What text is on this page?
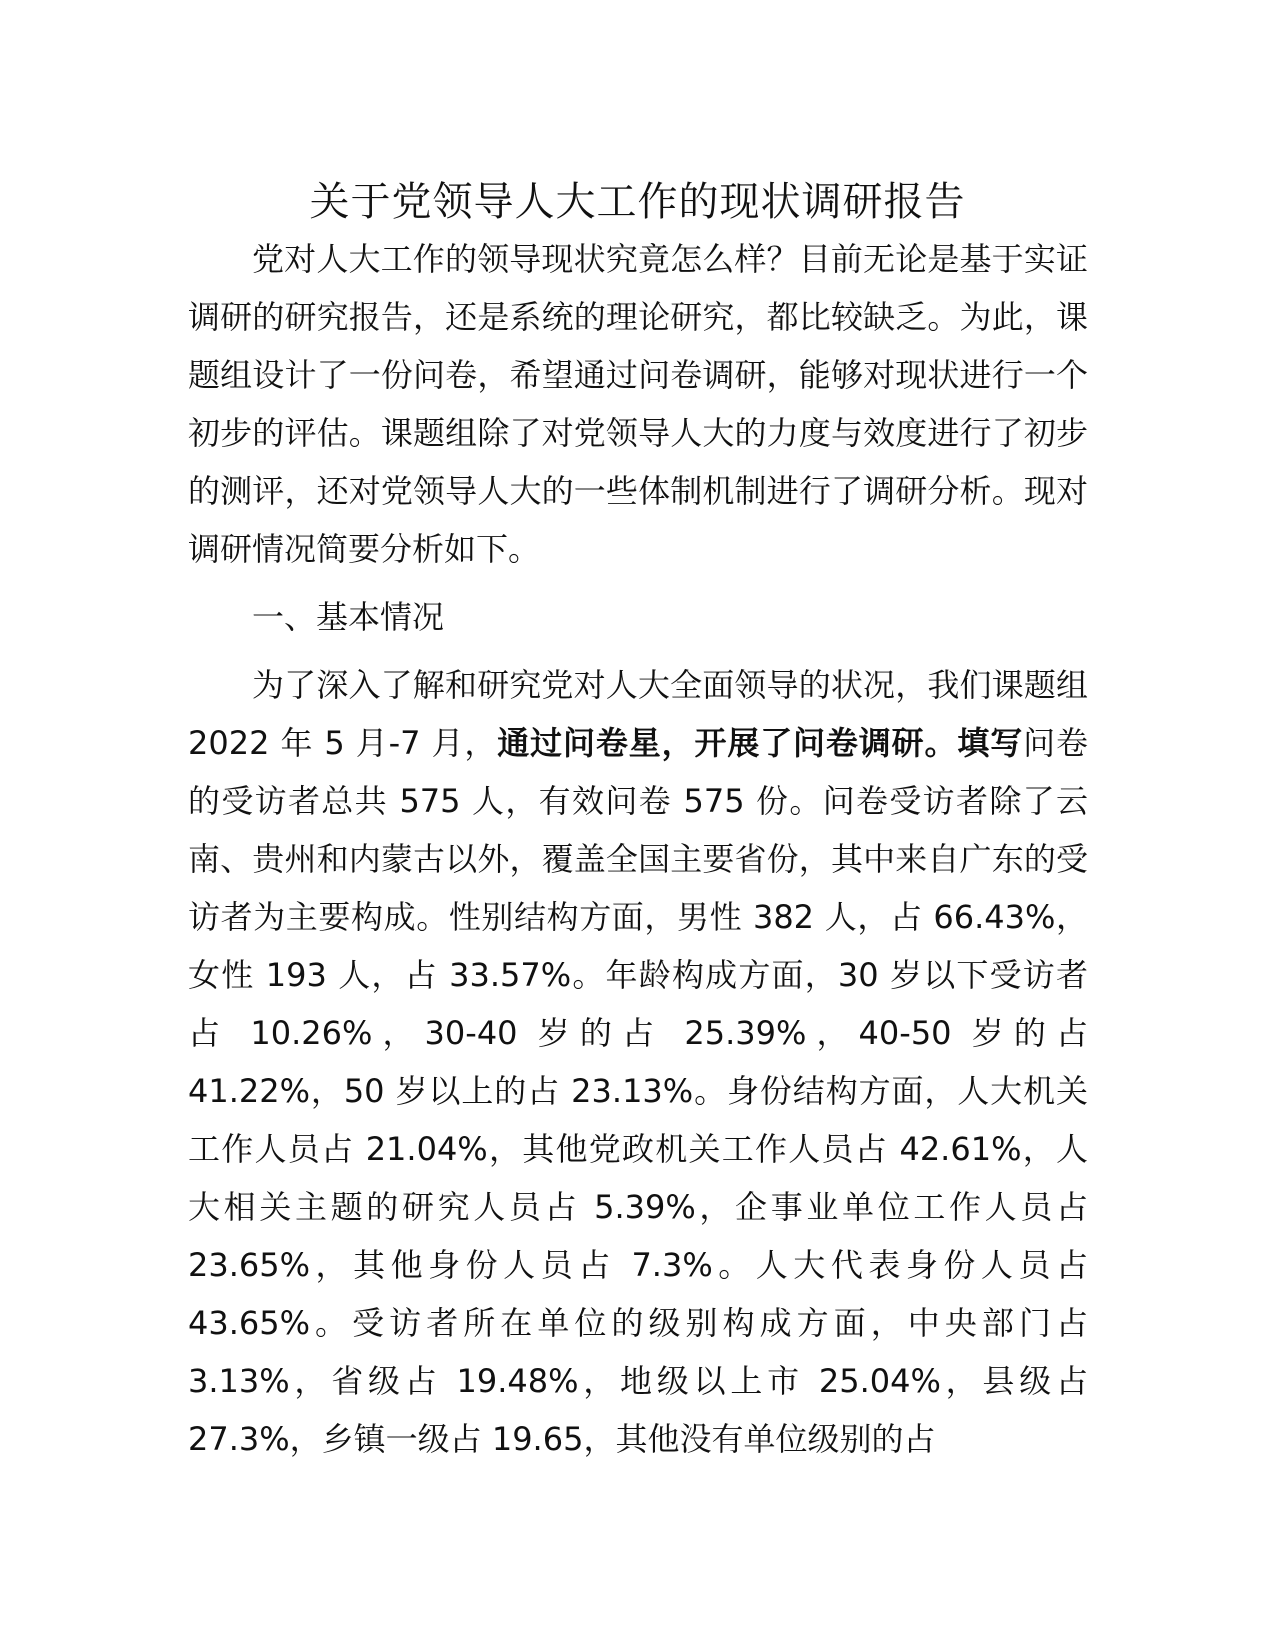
关于党领导人大工作的现状调研报告

党对人大工作的领导现状究竟怎么样？目前无论是基于实证调研的研究报告，还是系统的理论研究，都比较缺乏。为此，课题组设计了一份问卷，希望通过问卷调研，能够对现状进行一个初步的评估。课题组除了对党领导人大的力度与效度进行了初步的测评，还对党领导人大的一些体制机制进行了调研分析。现对调研情况简要分析如下。

一、基本情况

为了深入了解和研究党对人大全面领导的状况，我们课题组 2022 年 5 月-7 月，通过问卷星，开展了问卷调研。填写问卷的受访者总共 575 人，有效问卷 575 份。问卷受访者除了云南、贵州和内蒙古以外，覆盖全国主要省份，其中来自广东的受访者为主要构成。性别结构方面，男性 382 人，占 66.43%，女性 193 人，占 33.57%。年龄构成方面，30 岁以下受访者占 10.26%，30-40 岁的占 25.39%，40-50 岁的占 41.22%，50 岁以上的占 23.13%。身份结构方面，人大机关工作人员占 21.04%，其他党政机关工作人员占 42.61%，人大相关主题的研究人员占 5.39%，企事业单位工作人员占 23.65%，其他身份人员占 7.3%。人大代表身份人员占 43.65%。受访者所在单位的级别构成方面，中央部门占 3.13%，省级占 19.48%，地级以上市 25.04%，县级占 27.3%，乡镇一级占 19.65，其他没有单位级别的占
